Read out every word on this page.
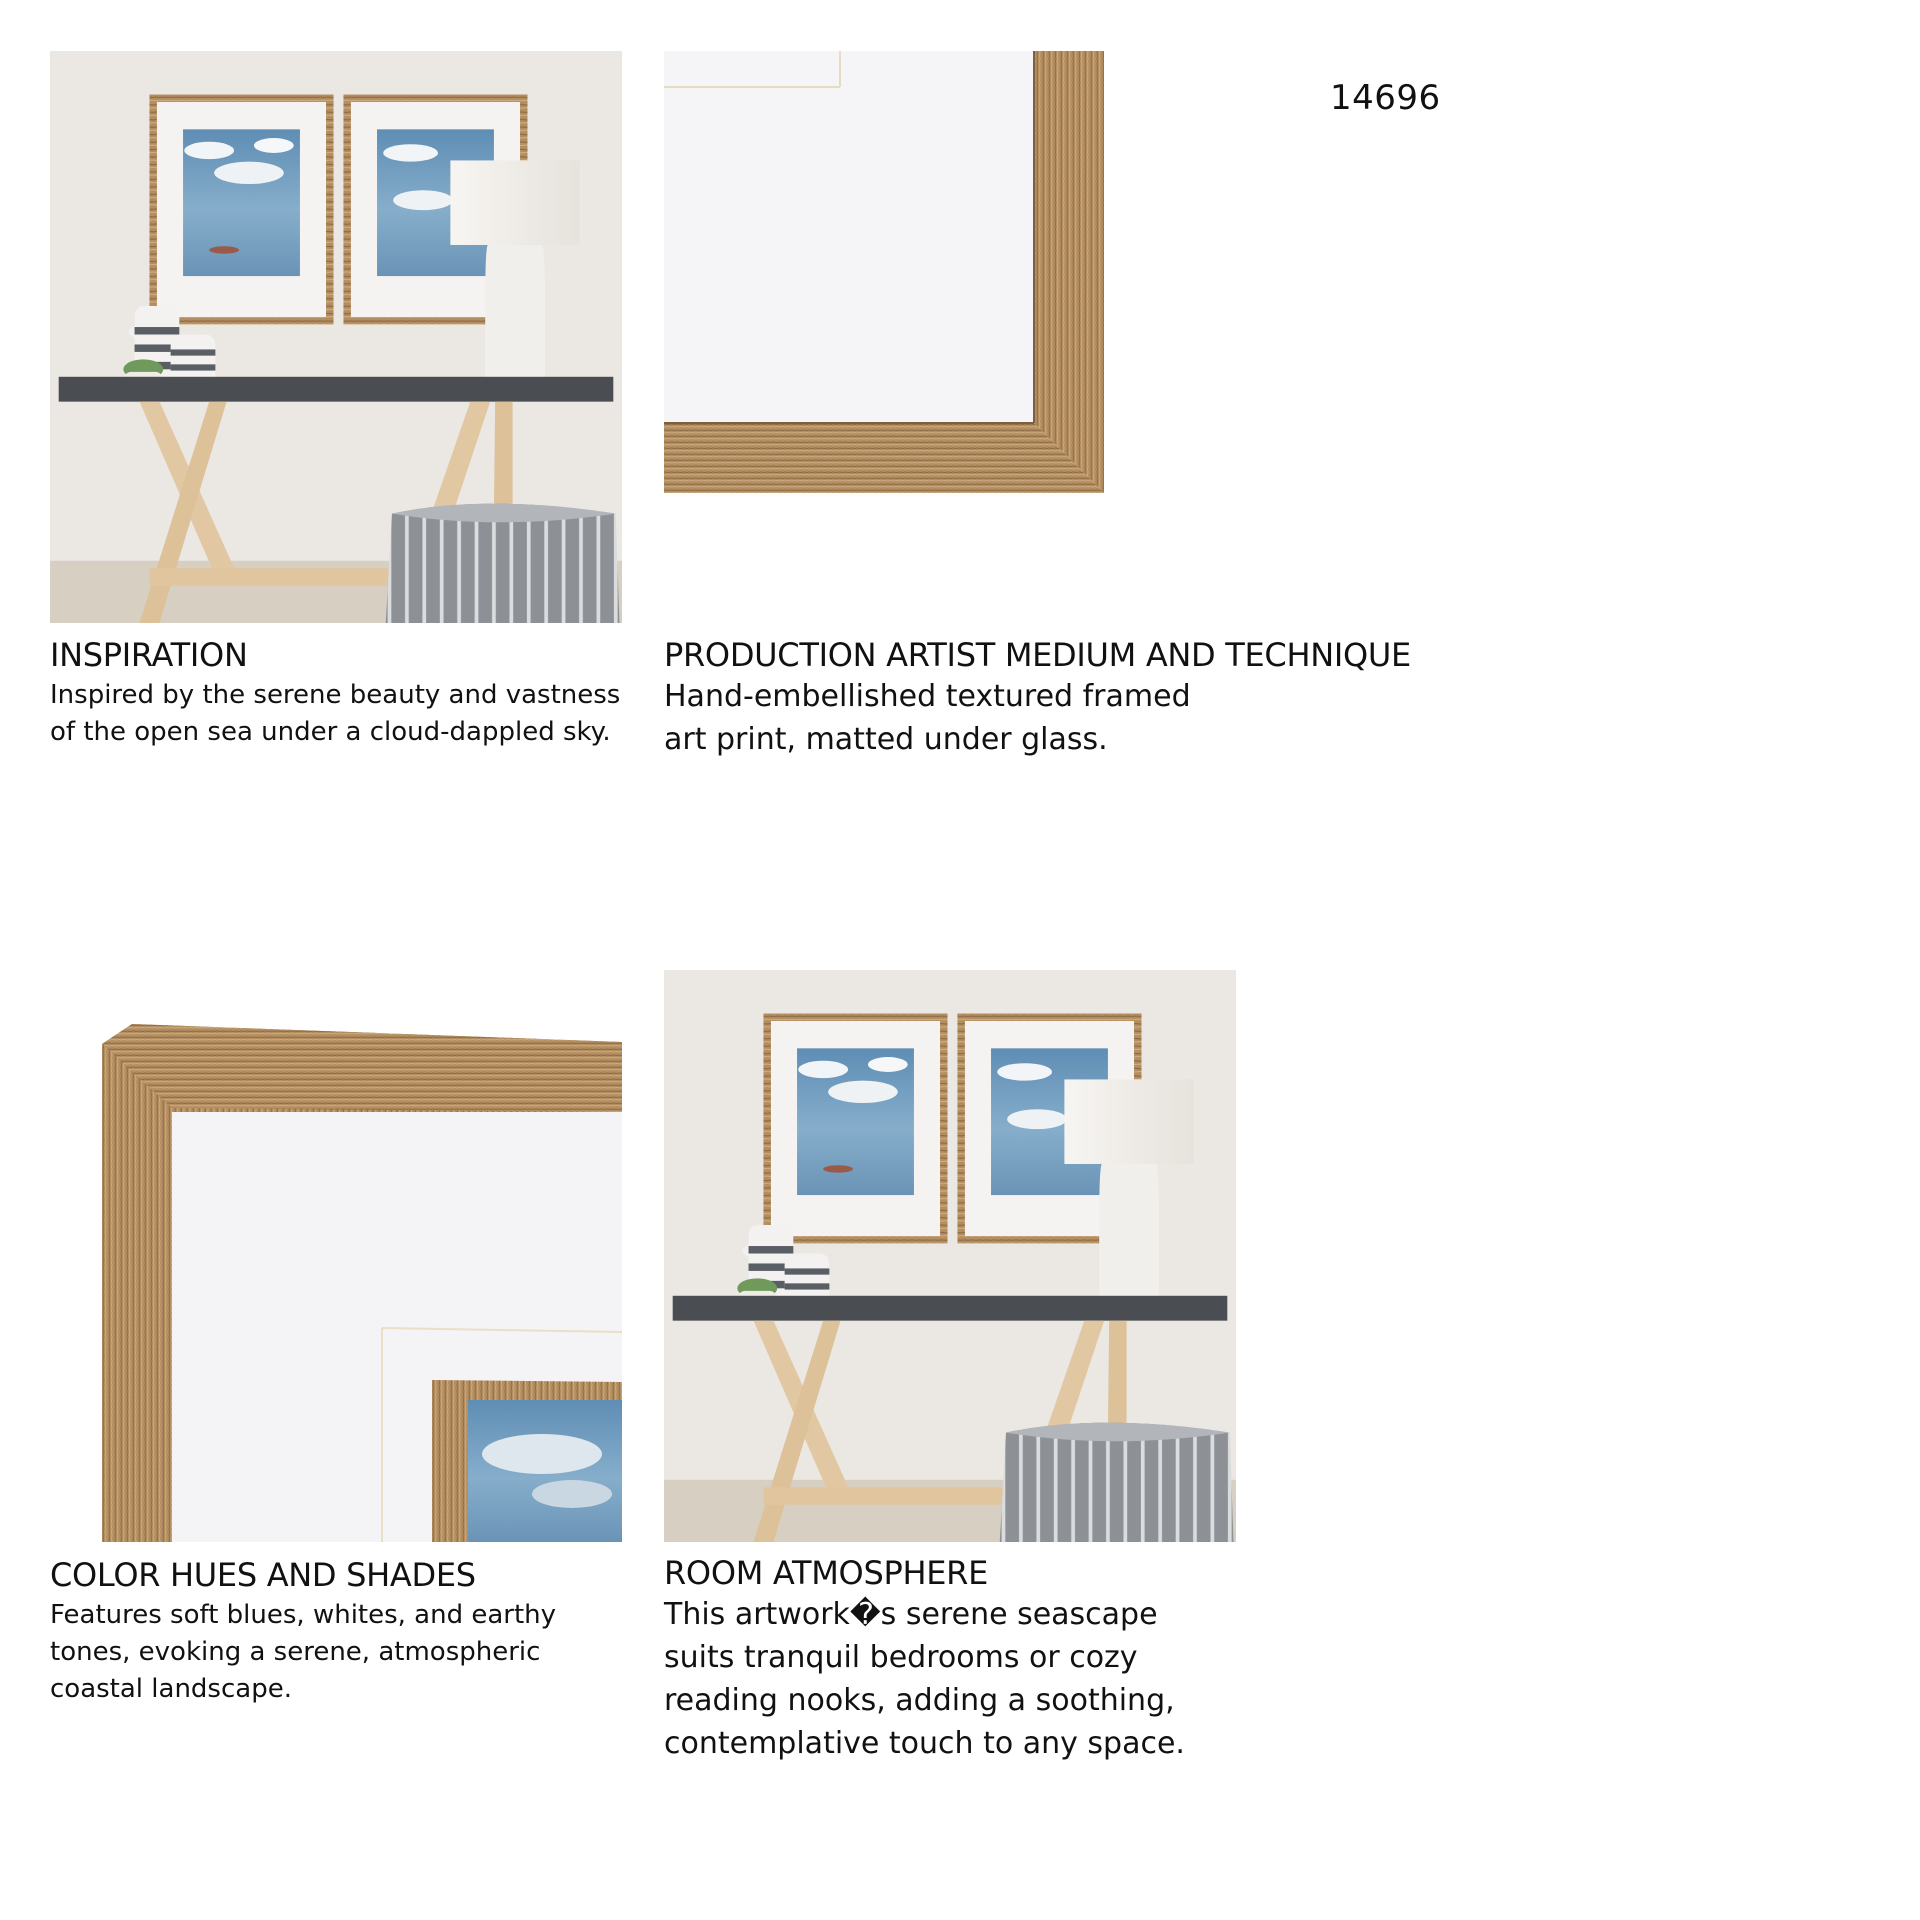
14696
INSPIRATION
Inspired by the serene beauty and vastness of the open sea under a cloud-dappled sky.
PRODUCTION ARTIST MEDIUM AND TECHNIQUE
Hand-embellished textured framed art print, matted under glass.
COLOR HUES AND SHADES
Features soft blues, whites, and earthy tones, evoking a serene, atmospheric coastal landscape.
ROOM ATMOSPHERE
This artwork�s serene seascape suits tranquil bedrooms or cozy reading nooks, adding a soothing, contemplative touch to any space.
